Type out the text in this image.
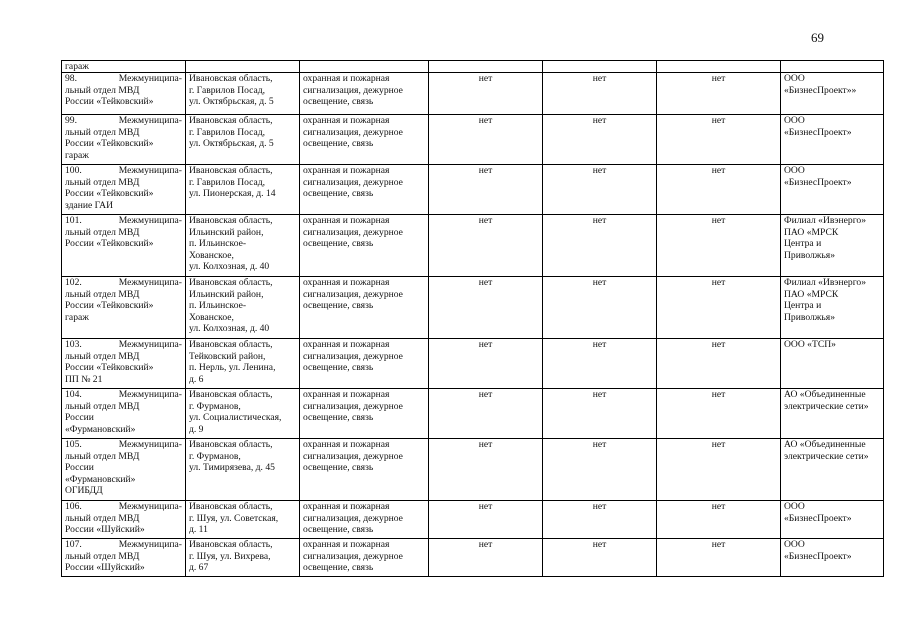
69
гараж						

98. Межмуниципа-
льный отдел МВД
России «Тейковский»	Ивановская область,
г. Гаврилов Посад,
ул. Октябрьская, д. 5	охранная и пожарная
сигнализация, дежурное
освещение, связь	нет	нет	нет	ООО
«БизнесПроект»»

99. Межмуниципа-
льный отдел МВД
России «Тейковский»
гараж	Ивановская область,
г. Гаврилов Посад,
ул. Октябрьская, д. 5	охранная и пожарная
сигнализация, дежурное
освещение, связь	нет	нет	нет	ООО
«БизнесПроект»

100. Межмуниципа-
льный отдел МВД
России «Тейковский»
здание ГАИ	Ивановская область,
г. Гаврилов Посад,
ул. Пионерская, д. 14	охранная и пожарная
сигнализация, дежурное
освещение, связь	нет	нет	нет	ООО
«БизнесПроект»

101. Межмуниципа-
льный отдел МВД
России «Тейковский»	Ивановская область,
Ильинский район,
п. Ильинское-
Хованское,
ул. Колхозная, д. 40	охранная и пожарная
сигнализация, дежурное
освещение, связь	нет	нет	нет	Филиал «Ивэнерго»
ПАО «МРСК
Центра и
Приволжья»

102. Межмуниципа-
льный отдел МВД
России «Тейковский»
гараж	Ивановская область,
Ильинский район,
п. Ильинское-
Хованское,
ул. Колхозная, д. 40	охранная и пожарная
сигнализация, дежурное
освещение, связь	нет	нет	нет	Филиал «Ивэнерго»
ПАО «МРСК
Центра и
Приволжья»

103. Межмуниципа-
льный отдел МВД
России «Тейковский»
ПП № 21	Ивановская область,
Тейковский район,
п. Нерль, ул. Ленина,
д. 6	охранная и пожарная
сигнализация, дежурное
освещение, связь	нет	нет	нет	ООО «ТСП»

104. Межмуниципа-
льный отдел МВД
России
«Фурмановский»	Ивановская область,
г. Фурманов,
ул. Социалистическая,
д. 9	охранная и пожарная
сигнализация, дежурное
освещение, связь	нет	нет	нет	АО «Объединенные
электрические сети»

105. Межмуниципа-
льный отдел МВД
России
«Фурмановский»
ОГИБДД	Ивановская область,
г. Фурманов,
ул. Тимирязева, д. 45	охранная и пожарная
сигнализация, дежурное
освещение, связь	нет	нет	нет	АО «Объединенные
электрические сети»

106. Межмуниципа-
льный отдел МВД
России «Шуйский»	Ивановская область,
г. Шуя, ул. Советская,
д. 11	охранная и пожарная
сигнализация, дежурное
освещение, связь	нет	нет	нет	ООО
«БизнесПроект»

107. Межмуниципа-
льный отдел МВД
России «Шуйский»	Ивановская область,
г. Шуя, ул. Вихрева,
д. 67	охранная и пожарная
сигнализация, дежурное
освещение, связь	нет	нет	нет	ООО
«БизнесПроект»
